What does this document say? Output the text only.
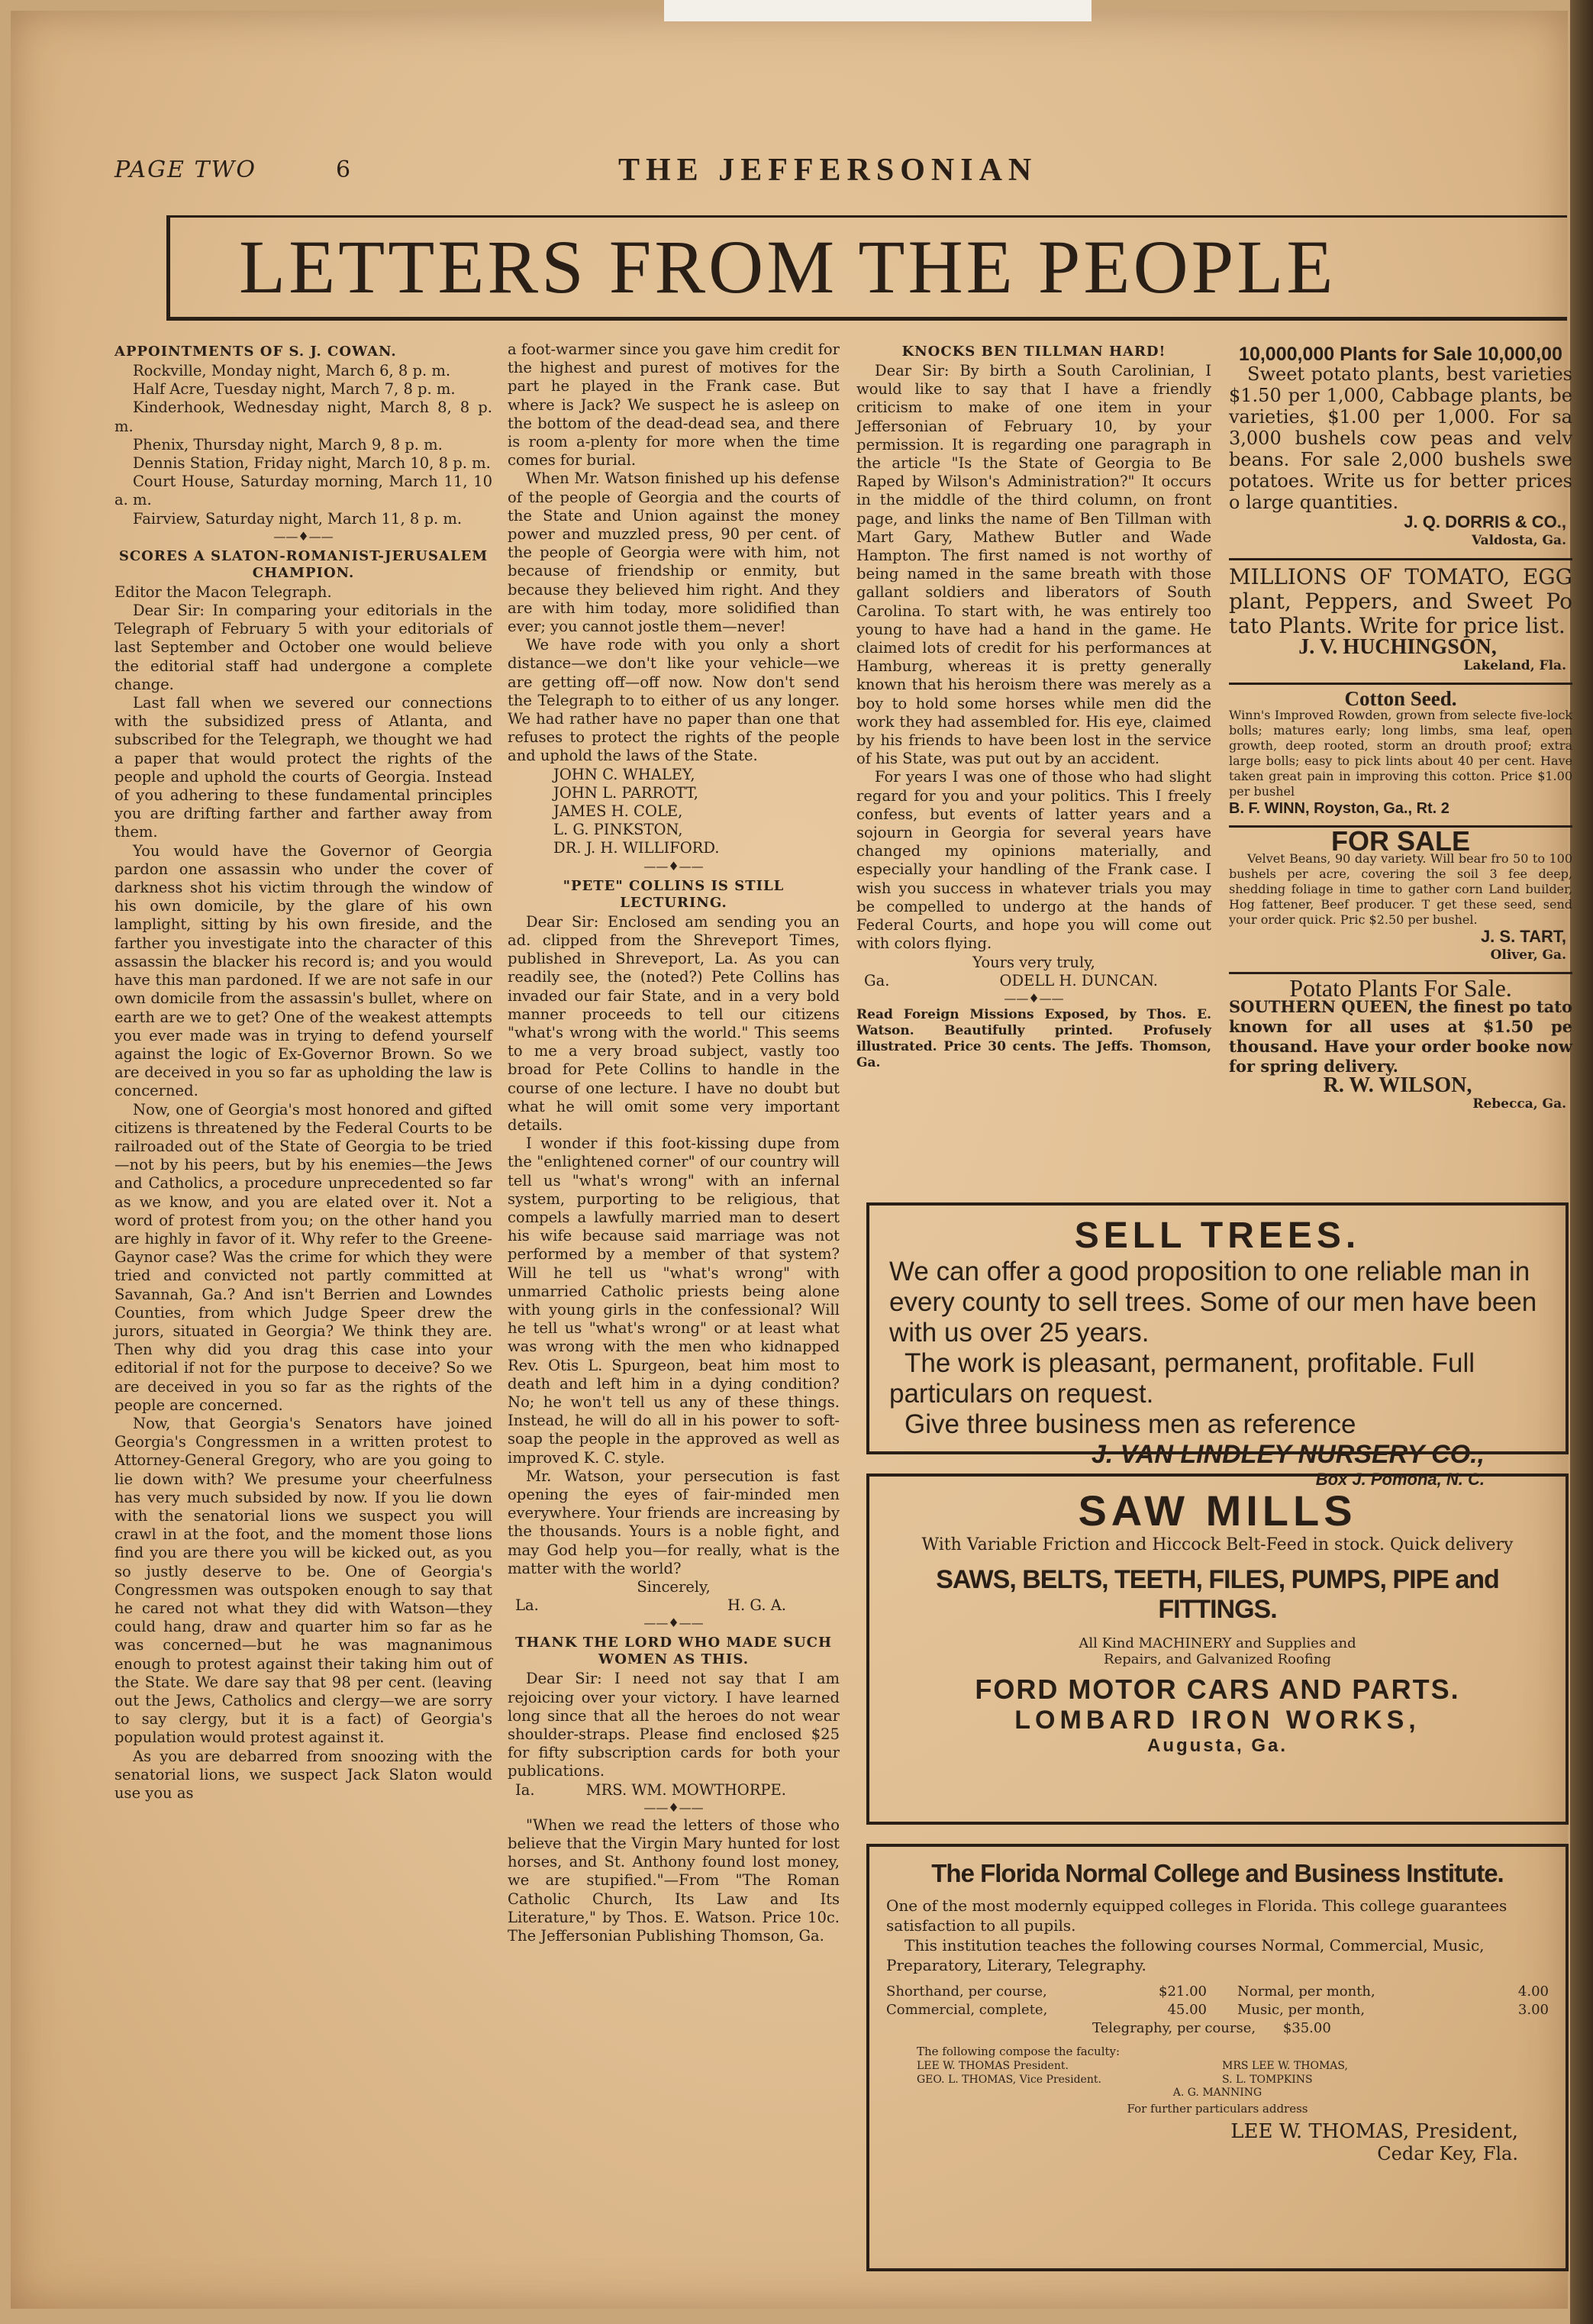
PAGE TWO	6	THE JEFFERSONIAN
LETTERS FROM THE PEOPLE
APPOINTMENTS OF S. J. COWAN.

Rockville, Monday night, March 6, 8 p. m.

Half Acre, Tuesday night, March 7, 8 p. m.

Kinderhook, Wednesday night, March 8, 8 p. m.

Phenix, Thursday night, March 9, 8 p. m.

Dennis Station, Friday night, March 10, 8 p. m.

Court House, Saturday morning, March 11, 10 a. m.

Fairview, Saturday night, March 11, 8 p. m.

——♦——
SCORES A SLATON-ROMANIST-JERUSALEM CHAMPION.

Editor the Macon Telegraph.

Dear Sir: In comparing your editorials in the Telegraph of February 5 with your editorials of last September and October one would believe the editorial staff had undergone a complete change.

Last fall when we severed our connections with the subsidized press of Atlanta, and subscribed for the Telegraph, we thought we had a paper that would protect the rights of the people and uphold the courts of Georgia. Instead of you adhering to these fundamental principles you are drifting farther and farther away from them.

You would have the Governor of Georgia pardon one assassin who under the cover of darkness shot his victim through the window of his own domicile, by the glare of his own lamplight, sitting by his own fireside, and the farther you investigate into the character of this assassin the blacker his record is; and you would have this man pardoned. If we are not safe in our own domicile from the assassin's bullet, where on earth are we to get? One of the weakest attempts you ever made was in trying to defend yourself against the logic of Ex-Governor Brown. So we are deceived in you so far as upholding the law is concerned.

Now, one of Georgia's most honored and gifted citizens is threatened by the Federal Courts to be railroaded out of the State of Georgia to be tried—not by his peers, but by his enemies—the Jews and Catholics, a procedure unprecedented so far as we know, and you are elated over it. Not a word of protest from you; on the other hand you are highly in favor of it. Why refer to the Greene-Gaynor case? Was the crime for which they were tried and convicted not partly committed at Savannah, Ga.? And isn't Berrien and Lowndes Counties, from which Judge Speer drew the jurors, situated in Georgia? We think they are. Then why did you drag this case into your editorial if not for the purpose to deceive? So we are deceived in you so far as the rights of the people are concerned.

Now, that Georgia's Senators have joined Georgia's Congressmen in a written protest to Attorney-General Gregory, who are you going to lie down with? We presume your cheerfulness has very much subsided by now. If you lie down with the senatorial lions we suspect you will crawl in at the foot, and the moment those lions find you are there you will be kicked out, as you so justly deserve to be. One of Georgia's Congressmen was outspoken enough to say that he cared not what they did with Watson—they could hang, draw and quarter him so far as he was concerned—but he was magnanimous enough to protest against their taking him out of the State. We dare say that 98 per cent. (leaving out the Jews, Catholics and clergy—we are sorry to say clergy, but it is a fact) of Georgia's population would protest against it.

As you are debarred from snoozing with the senatorial lions, we suspect Jack Slaton would use you as

a foot-warmer since you gave him credit for the highest and purest of motives for the part he played in the Frank case. But where is Jack? We suspect he is asleep on the bottom of the dead-dead sea, and there is room a-plenty for more when the time comes for burial.

When Mr. Watson finished up his defense of the people of Georgia and the courts of the State and Union against the money power and muzzled press, 90 per cent. of the people of Georgia were with him, not because of friendship or enmity, but because they believed him right. And they are with him today, more solidified than ever; you cannot jostle them—never!

We have rode with you only a short distance—we don't like your vehicle—we are getting off—off now. Now don't send the Telegraph to to either of us any longer. We had rather have no paper than one that refuses to protect the rights of the people and uphold the laws of the State.

JOHN C. WHALEY,
JOHN L. PARROTT,
JAMES H. COLE,
L. G. PINKSTON,
DR. J. H. WILLIFORD.
——♦——
"PETE" COLLINS IS STILL LECTURING.

Dear Sir: Enclosed am sending you an ad. clipped from the Shreveport Times, published in Shreveport, La. As you can readily see, the (noted?) Pete Collins has invaded our fair State, and in a very bold manner proceeds to tell our citizens "what's wrong with the world." This seems to me a very broad subject, vastly too broad for Pete Collins to handle in the course of one lecture. I have no doubt but what he will omit some very important details.

I wonder if this foot-kissing dupe from the "enlightened corner" of our country will tell us "what's wrong" with an infernal system, purporting to be religious, that compels a lawfully married man to desert his wife because said marriage was not performed by a member of that system? Will he tell us "what's wrong" with unmarried Catholic priests being alone with young girls in the confessional? Will he tell us "what's wrong" or at least what was wrong with the men who kidnapped Rev. Otis L. Spurgeon, beat him most to death and left him in a dying condition? No; he won't tell us any of these things. Instead, he will do all in his power to soft-soap the people in the approved as well as improved K. C. style.

Mr. Watson, your persecution is fast opening the eyes of fair-minded men everywhere. Your friends are increasing by the thousands. Yours is a noble fight, and may God help you—for really, what is the matter with the world?

Sincerely,
La.	H. G. A.
——♦——
THANK THE LORD WHO MADE SUCH WOMEN AS THIS.

Dear Sir: I need not say that I am rejoicing over your victory. I have learned long since that all the heroes do not wear shoulder-straps. Please find enclosed $25 for fifty subscription cards for both your publications.

Ia.	MRS. WM. MOWTHORPE.
——♦——

"When we read the letters of those who believe that the Virgin Mary hunted for lost horses, and St. Anthony found lost money, we are stupified."—From "The Roman Catholic Church, Its Law and Its Literature," by Thos. E. Watson. Price 10c. The Jeffersonian Publishing Thomson, Ga.

KNOCKS BEN TILLMAN HARD!

Dear Sir: By birth a South Carolinian, I would like to say that I have a friendly criticism to make of one item in your Jeffersonian of February 10, by your permission. It is regarding one paragraph in the article "Is the State of Georgia to Be Raped by Wilson's Administration?" It occurs in the middle of the third column, on front page, and links the name of Ben Tillman with Mart Gary, Mathew Butler and Wade Hampton. The first named is not worthy of being named in the same breath with those gallant soldiers and liberators of South Carolina. To start with, he was entirely too young to have had a hand in the game. He claimed lots of credit for his performances at Hamburg, whereas it is pretty generally known that his heroism there was merely as a boy to hold some horses while men did the work they had assembled for. His eye, claimed by his friends to have been lost in the service of his State, was put out by an accident.

For years I was one of those who had slight regard for you and your politics. This I freely confess, but events of latter years and a sojourn in Georgia for several years have changed my opinions materially, and especially your handling of the Frank case. I wish you success in whatever trials you may be compelled to undergo at the hands of Federal Courts, and hope you will come out with colors flying.

Yours very truly,
Ga.	ODELL H. DUNCAN.
——♦——

Read Foreign Missions Exposed, by Thos. E. Watson. Beautifully printed. Profusely illustrated. Price 30 cents. The Jeffs. Thomson, Ga.

10,000,000 Plants for Sale 10,000,00

Sweet potato plants, best varieties $1.50 per 1,000, Cabbage plants, be varieties, $1.00 per 1,000. For sa 3,000 bushels cow peas and velv beans. For sale 2,000 bushels swe potatoes. Write us for better prices o large quantities.

J. Q. DORRIS & CO.,
Valdosta, Ga.

MILLIONS OF TOMATO, EGG plant, Peppers, and Sweet Po tato Plants. Write for price list.

J. V. HUCHINGSON,
Lakeland, Fla.
Cotton Seed.

Winn's Improved Rowden, grown from selecte five-lock bolls; matures early; long limbs, sma leaf, open growth, deep rooted, storm an drouth proof; extra large bolls; easy to pick lints about 40 per cent. Have taken great pain in improving this cotton. Price $1.00 per bushel

B. F. WINN, Royston, Ga., Rt. 2
FOR SALE

Velvet Beans, 90 day variety. Will bear fro 50 to 100 bushels per acre, covering the soil 3 fee deep, shedding foliage in time to gather corn Land builder, Hog fattener, Beef producer. T get these seed, send your order quick. Pric $2.50 per bushel.

J. S. TART,
Oliver, Ga.
Potato Plants For Sale.

SOUTHERN QUEEN, the finest po tato known for all uses at $1.50 pe thousand. Have your order booke now for spring delivery.

R. W. WILSON,
Rebecca, Ga.
SELL TREES.
We can offer a good proposition to one reliable man in every county to sell trees. Some of our men have been with us over 25 years.
The work is pleasant, permanent, profitable. Full particulars on request.
Give three business men as reference
J. VAN LINDLEY NURSERY CO.,
Box J. Pomona, N. C.
SAW MILLS
With Variable Friction and Hiccock Belt-Feed in stock. Quick delivery
SAWS, BELTS, TEETH, FILES, PUMPS, PIPE and FITTINGS.
All Kind MACHINERY and Supplies and
Repairs, and Galvanized Roofing
FORD MOTOR CARS AND PARTS.
LOMBARD IRON WORKS,
Augusta, Ga.
The Florida Normal College and Business Institute.
One of the most modernly equipped colleges in Florida. This college guarantees satisfaction to all pupils.
This institution teaches the following courses Normal, Commercial, Music, Preparatory, Literary, Telegraphy.
Shorthand, per course,	$21.00	Normal, per month,	4.00
Commercial, complete,	45.00	Music, per month,	3.00
Telegraphy, per course, $35.00
The following compose the faculty:
LEE W. THOMAS President.	MRS LEE W. THOMAS,
GEO. L. THOMAS, Vice President.	S. L. TOMPKINS
A. G. MANNING
For further particulars address
LEE W. THOMAS, President,
Cedar Key, Fla.
